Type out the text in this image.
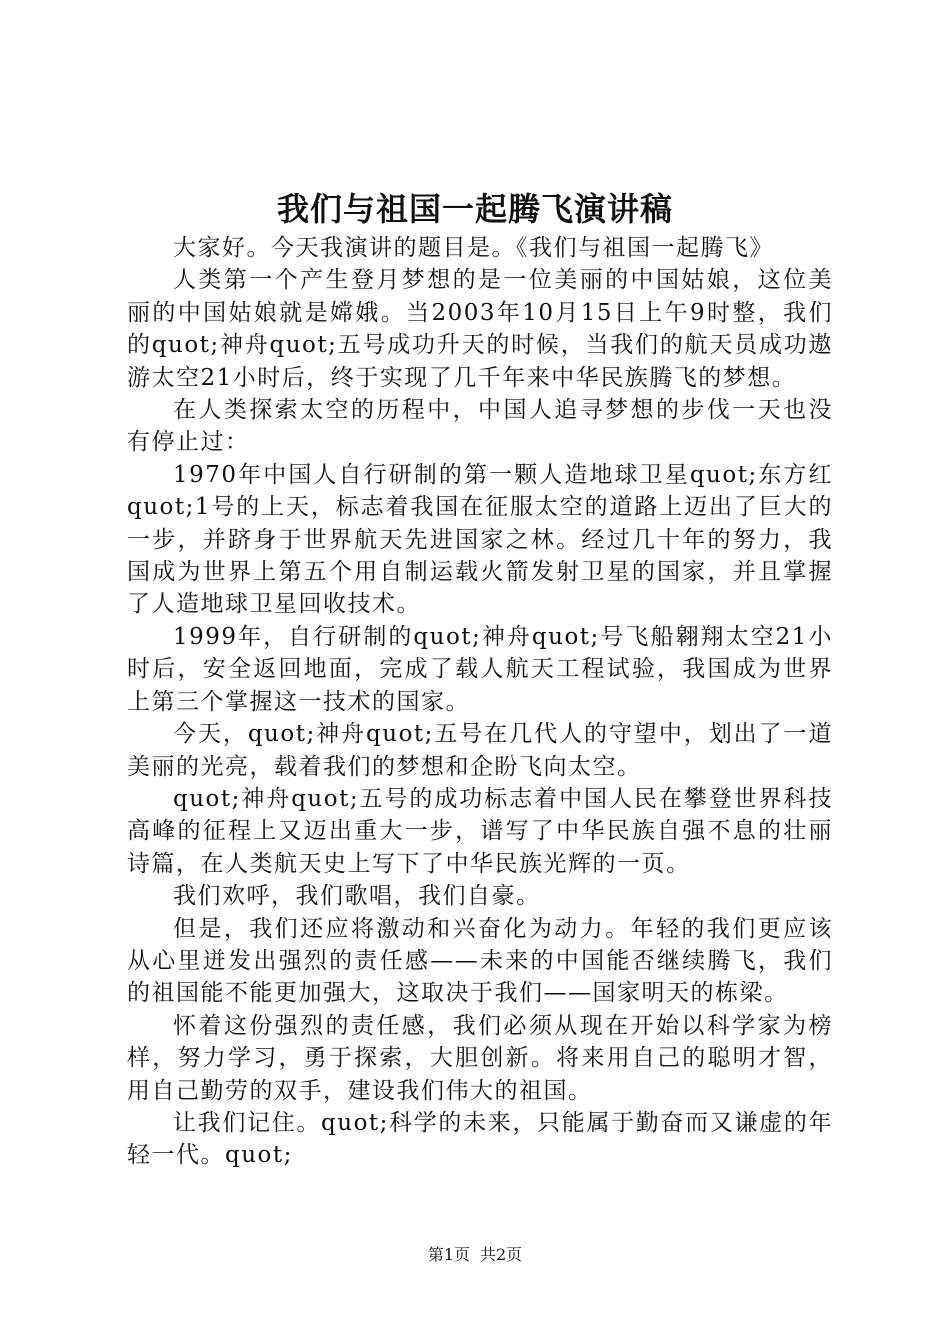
我们与祖国一起腾飞演讲稿

大家好。今天我演讲的题目是。《我们与祖国一起腾飞》

人类第一个产生登月梦想的是一位美丽的中国姑娘，这位美丽的中国姑娘就是嫦娥。当2003年10月15日上午9时整，我们的quot;神舟quot;五号成功升天的时候，当我们的航天员成功遨游太空21小时后，终于实现了几千年来中华民族腾飞的梦想。

在人类探索太空的历程中，中国人追寻梦想的步伐一天也没有停止过：

1970年中国人自行研制的第一颗人造地球卫星quot;东方红quot;1号的上天，标志着我国在征服太空的道路上迈出了巨大的一步，并跻身于世界航天先进国家之林。经过几十年的努力，我国成为世界上第五个用自制运载火箭发射卫星的国家，并且掌握了人造地球卫星回收技术。

1999年，自行研制的quot;神舟quot;号飞船翱翔太空21小时后，安全返回地面，完成了载人航天工程试验，我国成为世界上第三个掌握这一技术的国家。

今天，quot;神舟quot;五号在几代人的守望中，划出了一道美丽的光亮，载着我们的梦想和企盼飞向太空。

quot;神舟quot;五号的成功标志着中国人民在攀登世界科技高峰的征程上又迈出重大一步，谱写了中华民族自强不息的壮丽诗篇，在人类航天史上写下了中华民族光辉的一页。

我们欢呼，我们歌唱，我们自豪。

但是，我们还应将激动和兴奋化为动力。年轻的我们更应该从心里迸发出强烈的责任感——未来的中国能否继续腾飞，我们的祖国能不能更加强大，这取决于我们——国家明天的栋梁。

怀着这份强烈的责任感，我们必须从现在开始以科学家为榜样，努力学习，勇于探索，大胆创新。将来用自己的聪明才智，用自己勤劳的双手，建设我们伟大的祖国。

让我们记住。quot;科学的未来，只能属于勤奋而又谦虚的年轻一代。quot;

第1页 共2页
